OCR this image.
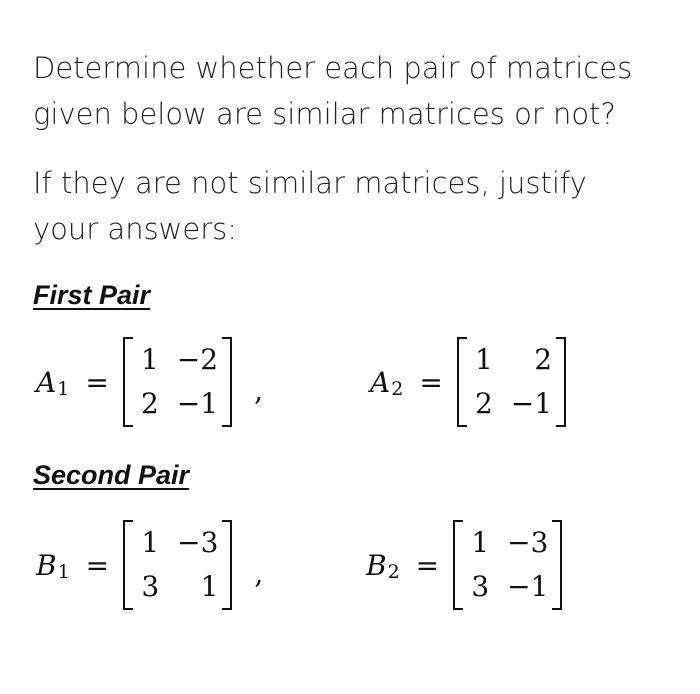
Determine whether each pair of matrices given below are similar matrices or not?
If they are not similar matrices, justify your answers:
First Pair
A 1 =
1 −2
2 −1 ,	A 2 =
1	2
2 −1
Second Pair
B 1 =
1 −3
3	1 ,	B 2 =
1 −3
3 −1
